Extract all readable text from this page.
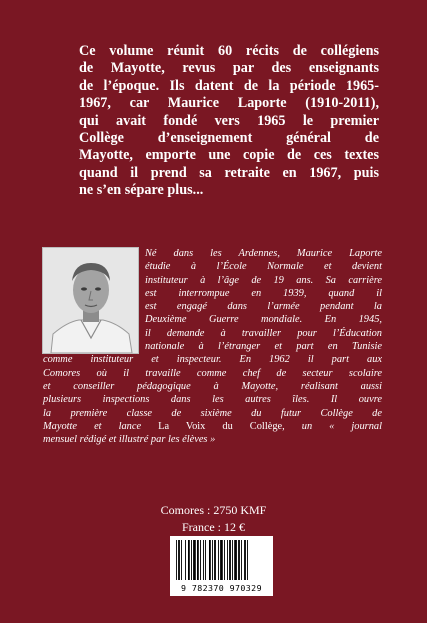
Ce volume réunit 60 récits de collégiens
de Mayotte, revus par des enseignants
de l’époque. Ils datent de la période 1965-
1967, car Maurice Laporte (1910-2011),
qui avait fondé vers 1965 le premier
Collège d’enseignement général de
Mayotte, emporte une copie de ces textes
quand il prend sa retraite en 1967, puis
ne s’en sépare plus...
Né dans les Ardennes, Maurice Laporte
étudie à l’École Normale et devient
instituteur à l’âge de 19 ans. Sa carrière
est interrompue en 1939, quand il
est engagé dans l’armée pendant la
Deuxième Guerre mondiale. En 1945,
il demande à travailler pour l’Éducation
nationale à l’étranger et part en Tunisie
comme instituteur et inspecteur. En 1962 il part aux
Comores où il travaille comme chef de secteur scolaire
et conseiller pédagogique à Mayotte, réalisant aussi
plusieurs inspections dans les autres îles. Il ouvre
la première classe de sixième du futur Collège de
Mayotte et lance La Voix du Collège, un « journal
mensuel rédigé et illustré par les élèves »
Comores : 2750 KMF
France : 12 €
9 782370 970329
